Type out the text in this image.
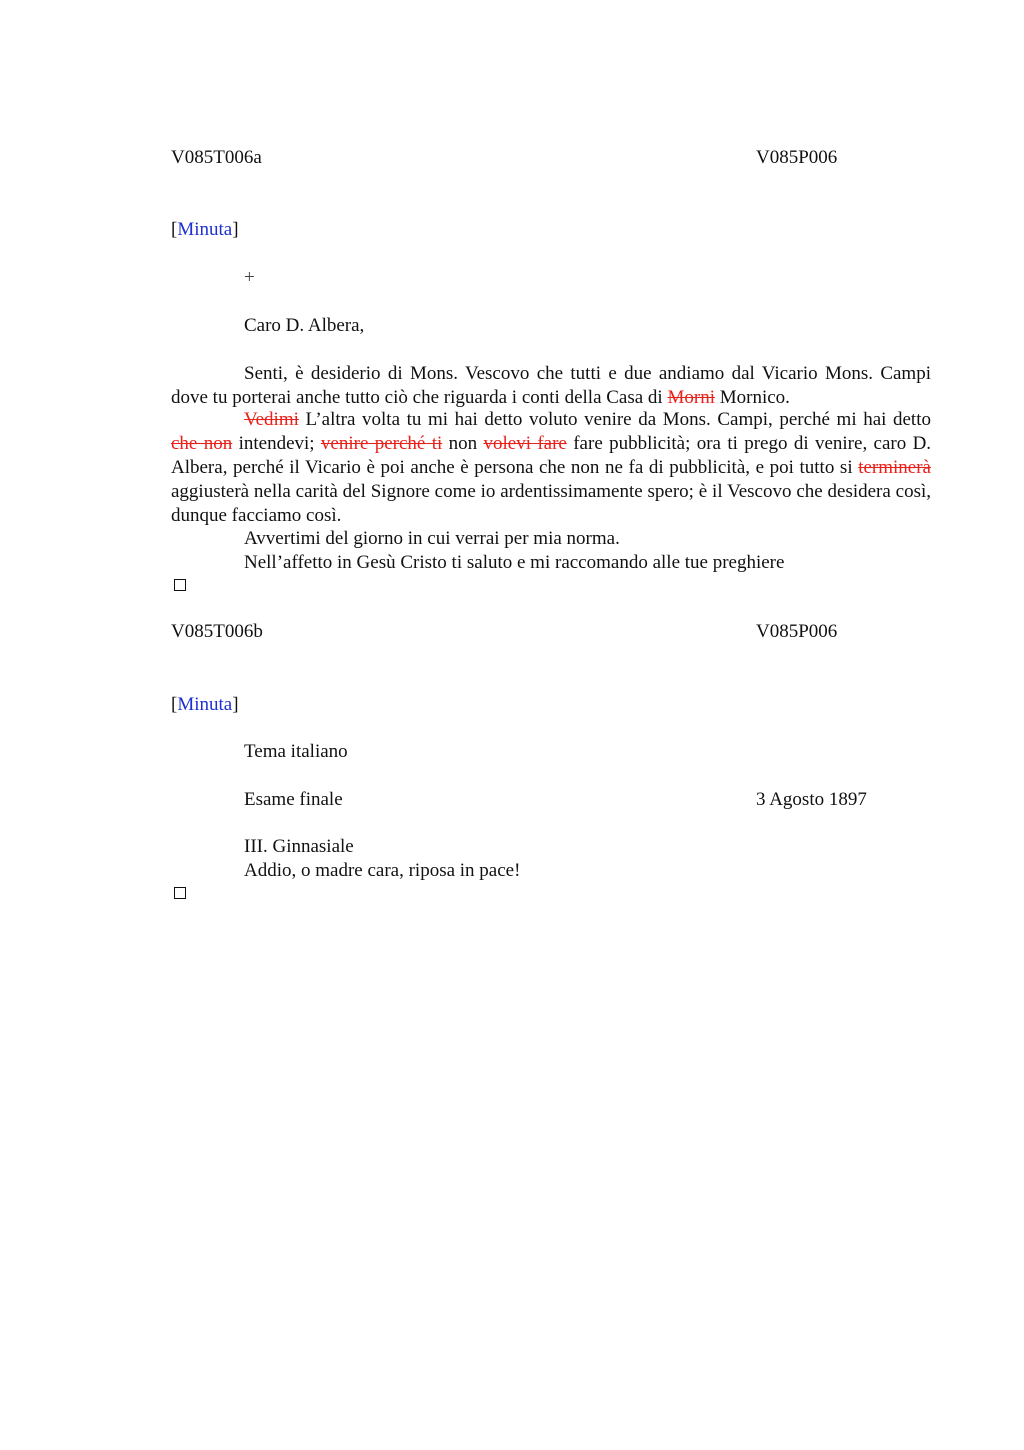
V085T006a	V085P006
[Minuta]
+
Caro D. Albera,
Senti, è desiderio di Mons. Vescovo che tutti e due andiamo dal Vicario Mons. Campi dove tu porterai anche tutto ciò che riguarda i conti della Casa di Morni Mornico.
Vedimi L’altra volta tu mi hai detto voluto venire da Mons. Campi, perché mi hai detto che non intendevi; venire perché ti non volevi fare fare pubblicità; ora ti prego di venire, caro D. Albera, perché il Vicario è poi anche è persona che non ne fa di pubblicità, e poi tutto si terminerà aggiusterà nella carità del Signore come io ardentissimamente spero; è il Vescovo che desidera così, dunque facciamo così.
Avvertimi del giorno in cui verrai per mia norma.
Nell’affetto in Gesù Cristo ti saluto e mi raccomando alle tue preghiere
V085T006b	V085P006
[Minuta]
Tema italiano
Esame finale	3 Agosto 1897
III. Ginnasiale
Addio, o madre cara, riposa in pace!
